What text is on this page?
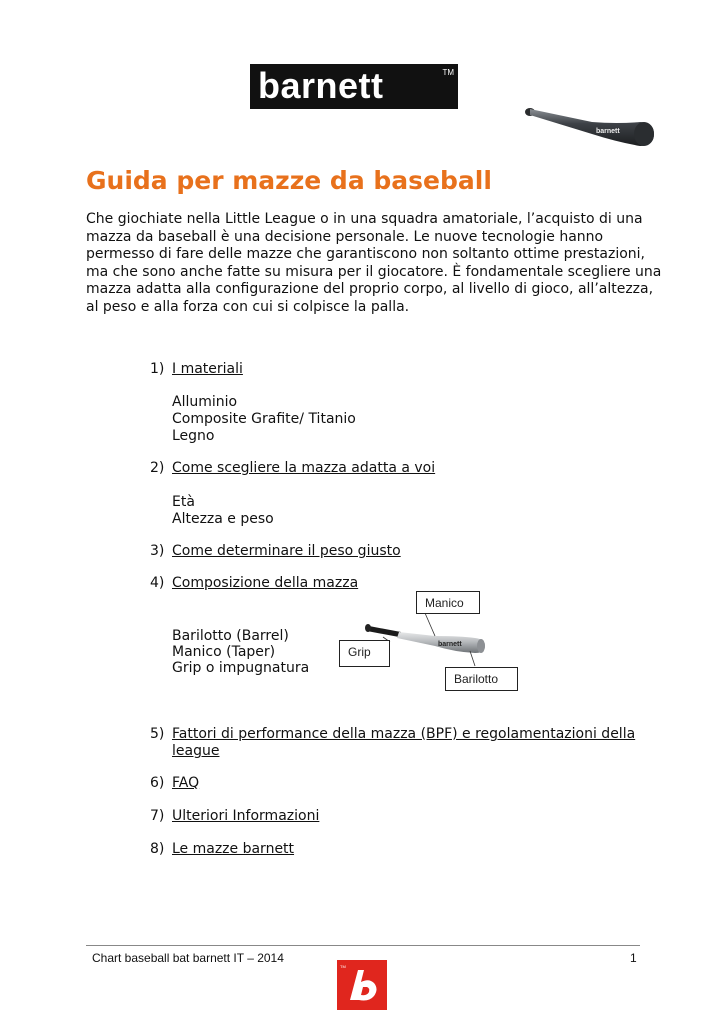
barnett	TM
barnett
Guida per mazze da baseball
Che giochiate nella Little League o in una squadra amatoriale, l’acquisto di una
mazza da baseball è una decisione personale. Le nuove tecnologie hanno
permesso di fare delle mazze che garantiscono non soltanto ottime prestazioni,
ma che sono anche fatte su misura per il giocatore. È fondamentale scegliere una
mazza adatta alla configurazione del proprio corpo, al livello di gioco, all’altezza,
al peso e alla forza con cui si colpisce la palla.
1) I materiali
Alluminio
Composite Grafite/ Titanio
Legno
2) Come scegliere la mazza adatta a voi
Età
Altezza e peso
3) Come determinare il peso giusto
4) Composizione della mazza
Barilotto (Barrel)
Manico (Taper)
Grip o impugnatura
barnett
Manico
Grip
Barilotto
5) Fattori di performance della mazza (BPF) e regolamentazioni della
league
6) FAQ
7) Ulteriori Informazioni
8) Le mazze barnett
Chart baseball bat barnett IT – 2014	1
TM
